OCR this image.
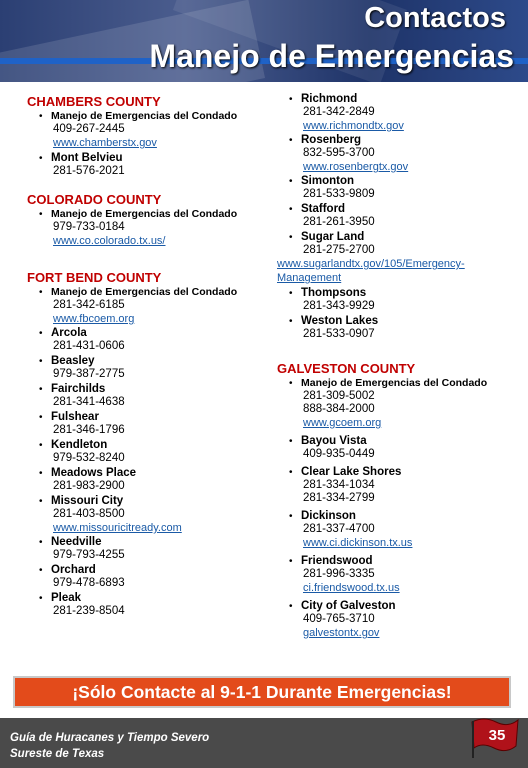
Contactos
Manejo de Emergencias
CHAMBERS COUNTY
• Manejo de Emergencias del Condado
409-267-2445
www.chamberstx.gov
• Mont Belvieu
281-576-2021
COLORADO COUNTY
• Manejo de Emergencias del Condado
979-733-0184
www.co.colorado.tx.us/
FORT BEND COUNTY
• Manejo de Emergencias del Condado
281-342-6185
www.fbcoem.org
• Arcola
281-431-0606
• Beasley
979-387-2775
• Fairchilds
281-341-4638
• Fulshear
281-346-1796
• Kendleton
979-532-8240
• Meadows Place
281-983-2900
• Missouri City
281-403-8500
www.missouricitready.com
• Needville
979-793-4255
• Orchard
979-478-6893
• Pleak
281-239-8504
• Richmond
281-342-2849
www.richmondtx.gov
• Rosenberg
832-595-3700
www.rosenbergtx.gov
• Simonton
281-533-9809
• Stafford
281-261-3950
• Sugar Land
281-275-2700
www.sugarlandtx.gov/105/Emergency-Management
• Thompsons
281-343-9929
• Weston Lakes
281-533-0907
GALVESTON COUNTY
• Manejo de Emergencias del Condado
281-309-5002
888-384-2000
www.gcoem.org
• Bayou Vista
409-935-0449
• Clear Lake Shores
281-334-1034
281-334-2799
• Dickinson
281-337-4700
www.ci.dickinson.tx.us
• Friendswood
281-996-3335
ci.friendswood.tx.us
• City of Galveston
409-765-3710
galvestontx.gov
¡Sólo Contacte al 9-1-1 Durante Emergencias!
Guía de Huracanes y Tiempo Severo
Sureste de Texas
35
